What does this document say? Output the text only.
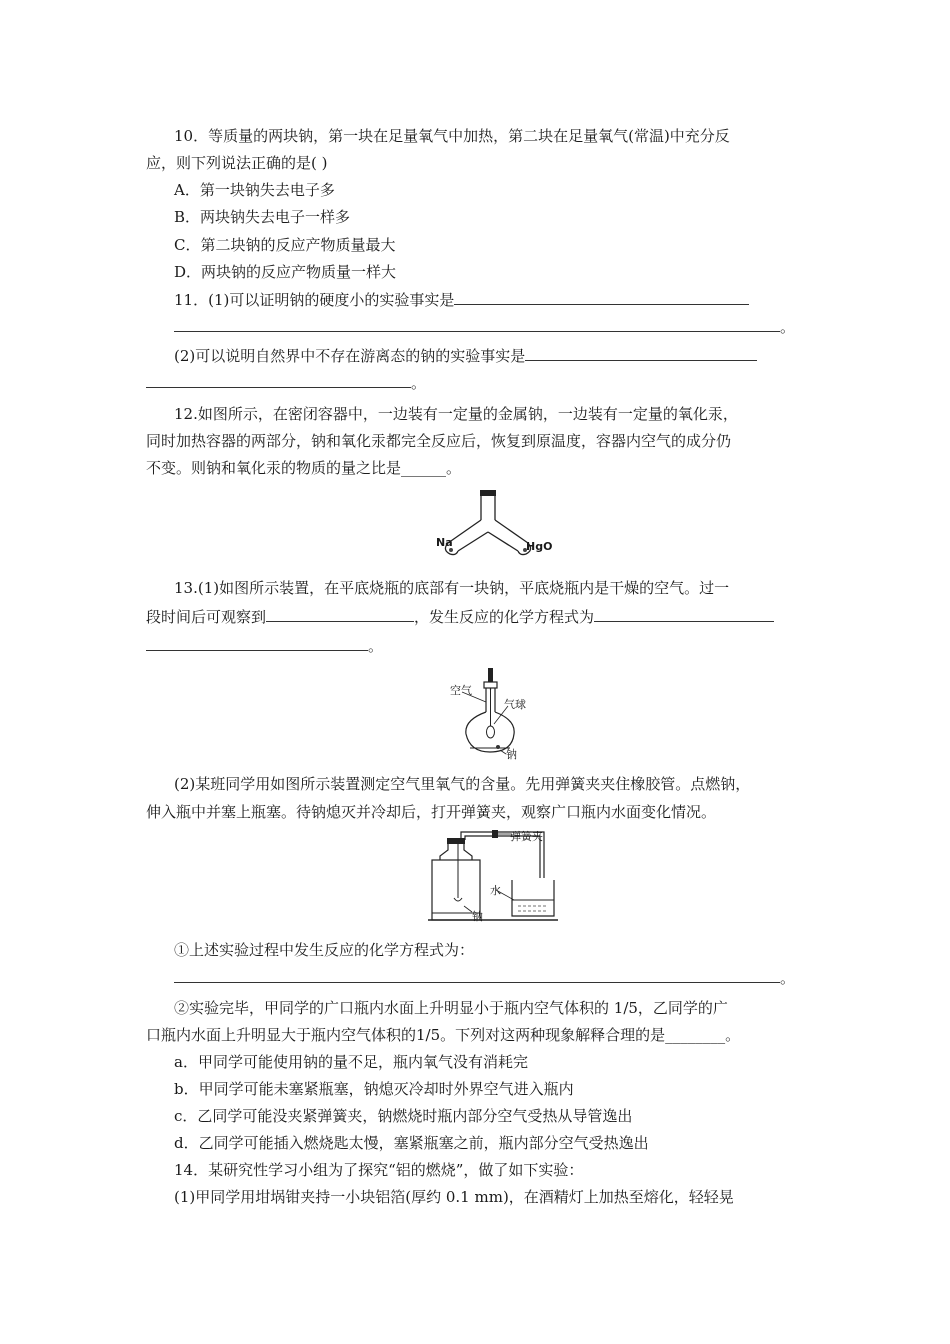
10．等质量的两块钠，第一块在足量氧气中加热，第二块在足量氧气(常温)中充分反
应，则下列说法正确的是( )
A．第一块钠失去电子多
B．两块钠失去电子一样多
C．第二块钠的反应产物质量最大
D．两块钠的反应产物质量一样大
11．(1)可以证明钠的硬度小的实验事实是
。
(2)可以说明自然界中不存在游离态的钠的实验事实是
。
12.如图所示，在密闭容器中，一边装有一定量的金属钠，一边装有一定量的氧化汞，
同时加热容器的两部分，钠和氧化汞都完全反应后，恢复到原温度，容器内空气的成分仍
不变。则钠和氧化汞的物质的量之比是______。
Na	HgO
13.(1)如图所示装置，在平底烧瓶的底部有一块钠，平底烧瓶内是干燥的空气。过一
段时间后可观察到	，发生反应的化学方程式为
。
空气
气球
钠
(2)某班同学用如图所示装置测定空气里氧气的含量。先用弹簧夹夹住橡胶管。点燃钠，
伸入瓶中并塞上瓶塞。待钠熄灭并冷却后，打开弹簧夹，观察广口瓶内水面变化情况。
弹簧夹
水
钠
①上述实验过程中发生反应的化学方程式为：
。
②实验完毕，甲同学的广口瓶内水面上升明显小于瓶内空气体积的 1/5，乙同学的广
口瓶内水面上升明显大于瓶内空气体积的1/5。下列对这两种现象解释合理的是________。
a．甲同学可能使用钠的量不足，瓶内氧气没有消耗完
b．甲同学可能未塞紧瓶塞，钠熄灭冷却时外界空气进入瓶内
c．乙同学可能没夹紧弹簧夹，钠燃烧时瓶内部分空气受热从导管逸出
d．乙同学可能插入燃烧匙太慢，塞紧瓶塞之前，瓶内部分空气受热逸出
14．某研究性学习小组为了探究“铝的燃烧”，做了如下实验：
(1)甲同学用坩埚钳夹持一小块铝箔(厚约 0.1 mm)，在酒精灯上加热至熔化，轻轻晃
